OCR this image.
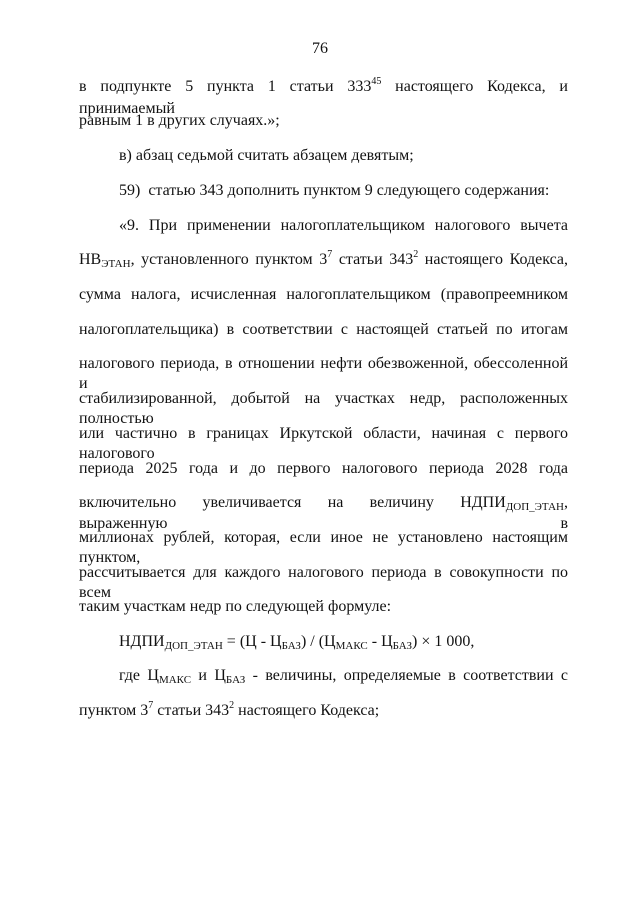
76
в подпункте 5 пункта 1 статьи $333^{45}$ настоящего Кодекса, и принимаемый
равным 1 в других случаях.»;
в) абзац седьмой считать абзацем девятым;
59)  статью 343 дополнить пунктом 9 следующего содержания:
«9. При применении налогоплательщиком налогового вычета
$НВ_{ЭТАН}$, установленного пунктом $3^7$ статьи $343^2$ настоящего Кодекса,
сумма налога, исчисленная налогоплательщиком (правопреемником
налогоплательщика) в соответствии с настоящей статьей по итогам
налогового периода, в отношении нефти обезвоженной, обессоленной и
стабилизированной, добытой на участках недр, расположенных полностью
или частично в границах Иркутской области, начиная с первого налогового
периода 2025 года и до первого налогового периода 2028 года
включительно увеличивается на величину $НДПИ_{ДОП\_ЭТАН}$, выраженную в
миллионах рублей, которая, если иное не установлено настоящим пунктом,
рассчитывается для каждого налогового периода в совокупности по всем
таким участкам недр по следующей формуле:
$НДПИ_{ДОП\_ЭТАН} = (Ц - Ц_{БАЗ}) / (Ц_{МАКС} - Ц_{БАЗ}) \times 1$ 000,
где $Ц_{МАКС}$ и $Ц_{БАЗ}$ - величины, определяемые в соответствии с
пунктом $3^7$ статьи $343^2$ настоящего Кодекса;
